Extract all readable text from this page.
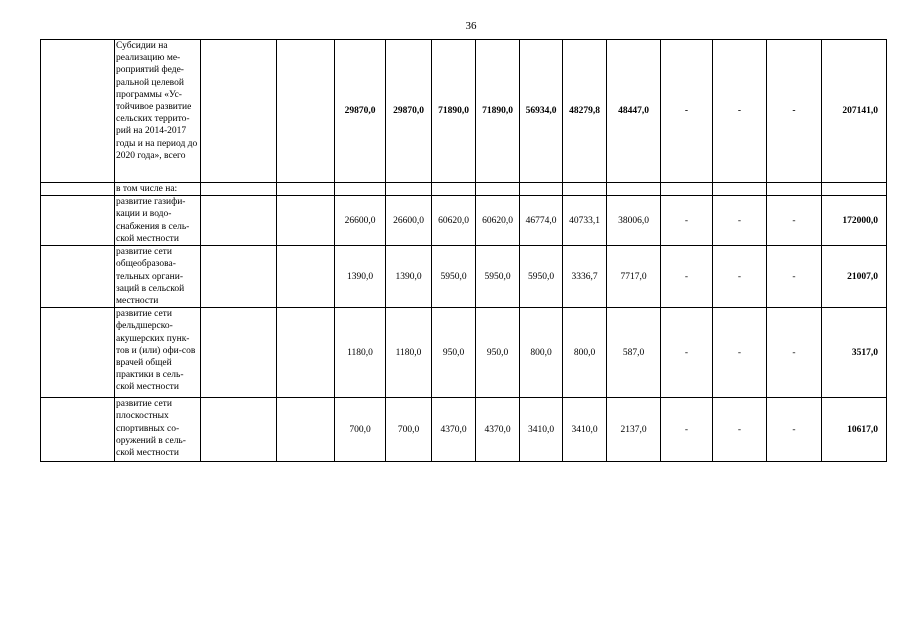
36
	Субсидии на реализацию ме-роприятий феде-ральной целевой программы «Ус-тойчивое развитие сельских террито-рий на 2014-2017 годы и на период до 2020 года», всего			29870,0	29870,0	71890,0	71890,0	56934,0	48279,8	48447,0	-	-	-	207141,0
	в том числе на:													
	развитие газифи-кации и водо-снабжения в сель-ской местности			26600,0	26600,0	60620,0	60620,0	46774,0	40733,1	38006,0	-	-	-	172000,0
	развитие сети общеобразова-тельных органи-заций в сельской местности			1390,0	1390,0	5950,0	5950,0	5950,0	3336,7	7717,0	-	-	-	21007,0
	развитие сети фельдшерско-акушерских пунк-тов и (или) офи-сов врачей общей практики в сель-ской местности			1180,0	1180,0	950,0	950,0	800,0	800,0	587,0	-	-	-	3517,0
	развитие сети плоскостных спортивных со-оружений в сель-ской местности			700,0	700,0	4370,0	4370,0	3410,0	3410,0	2137,0	-	-	-	10617,0
